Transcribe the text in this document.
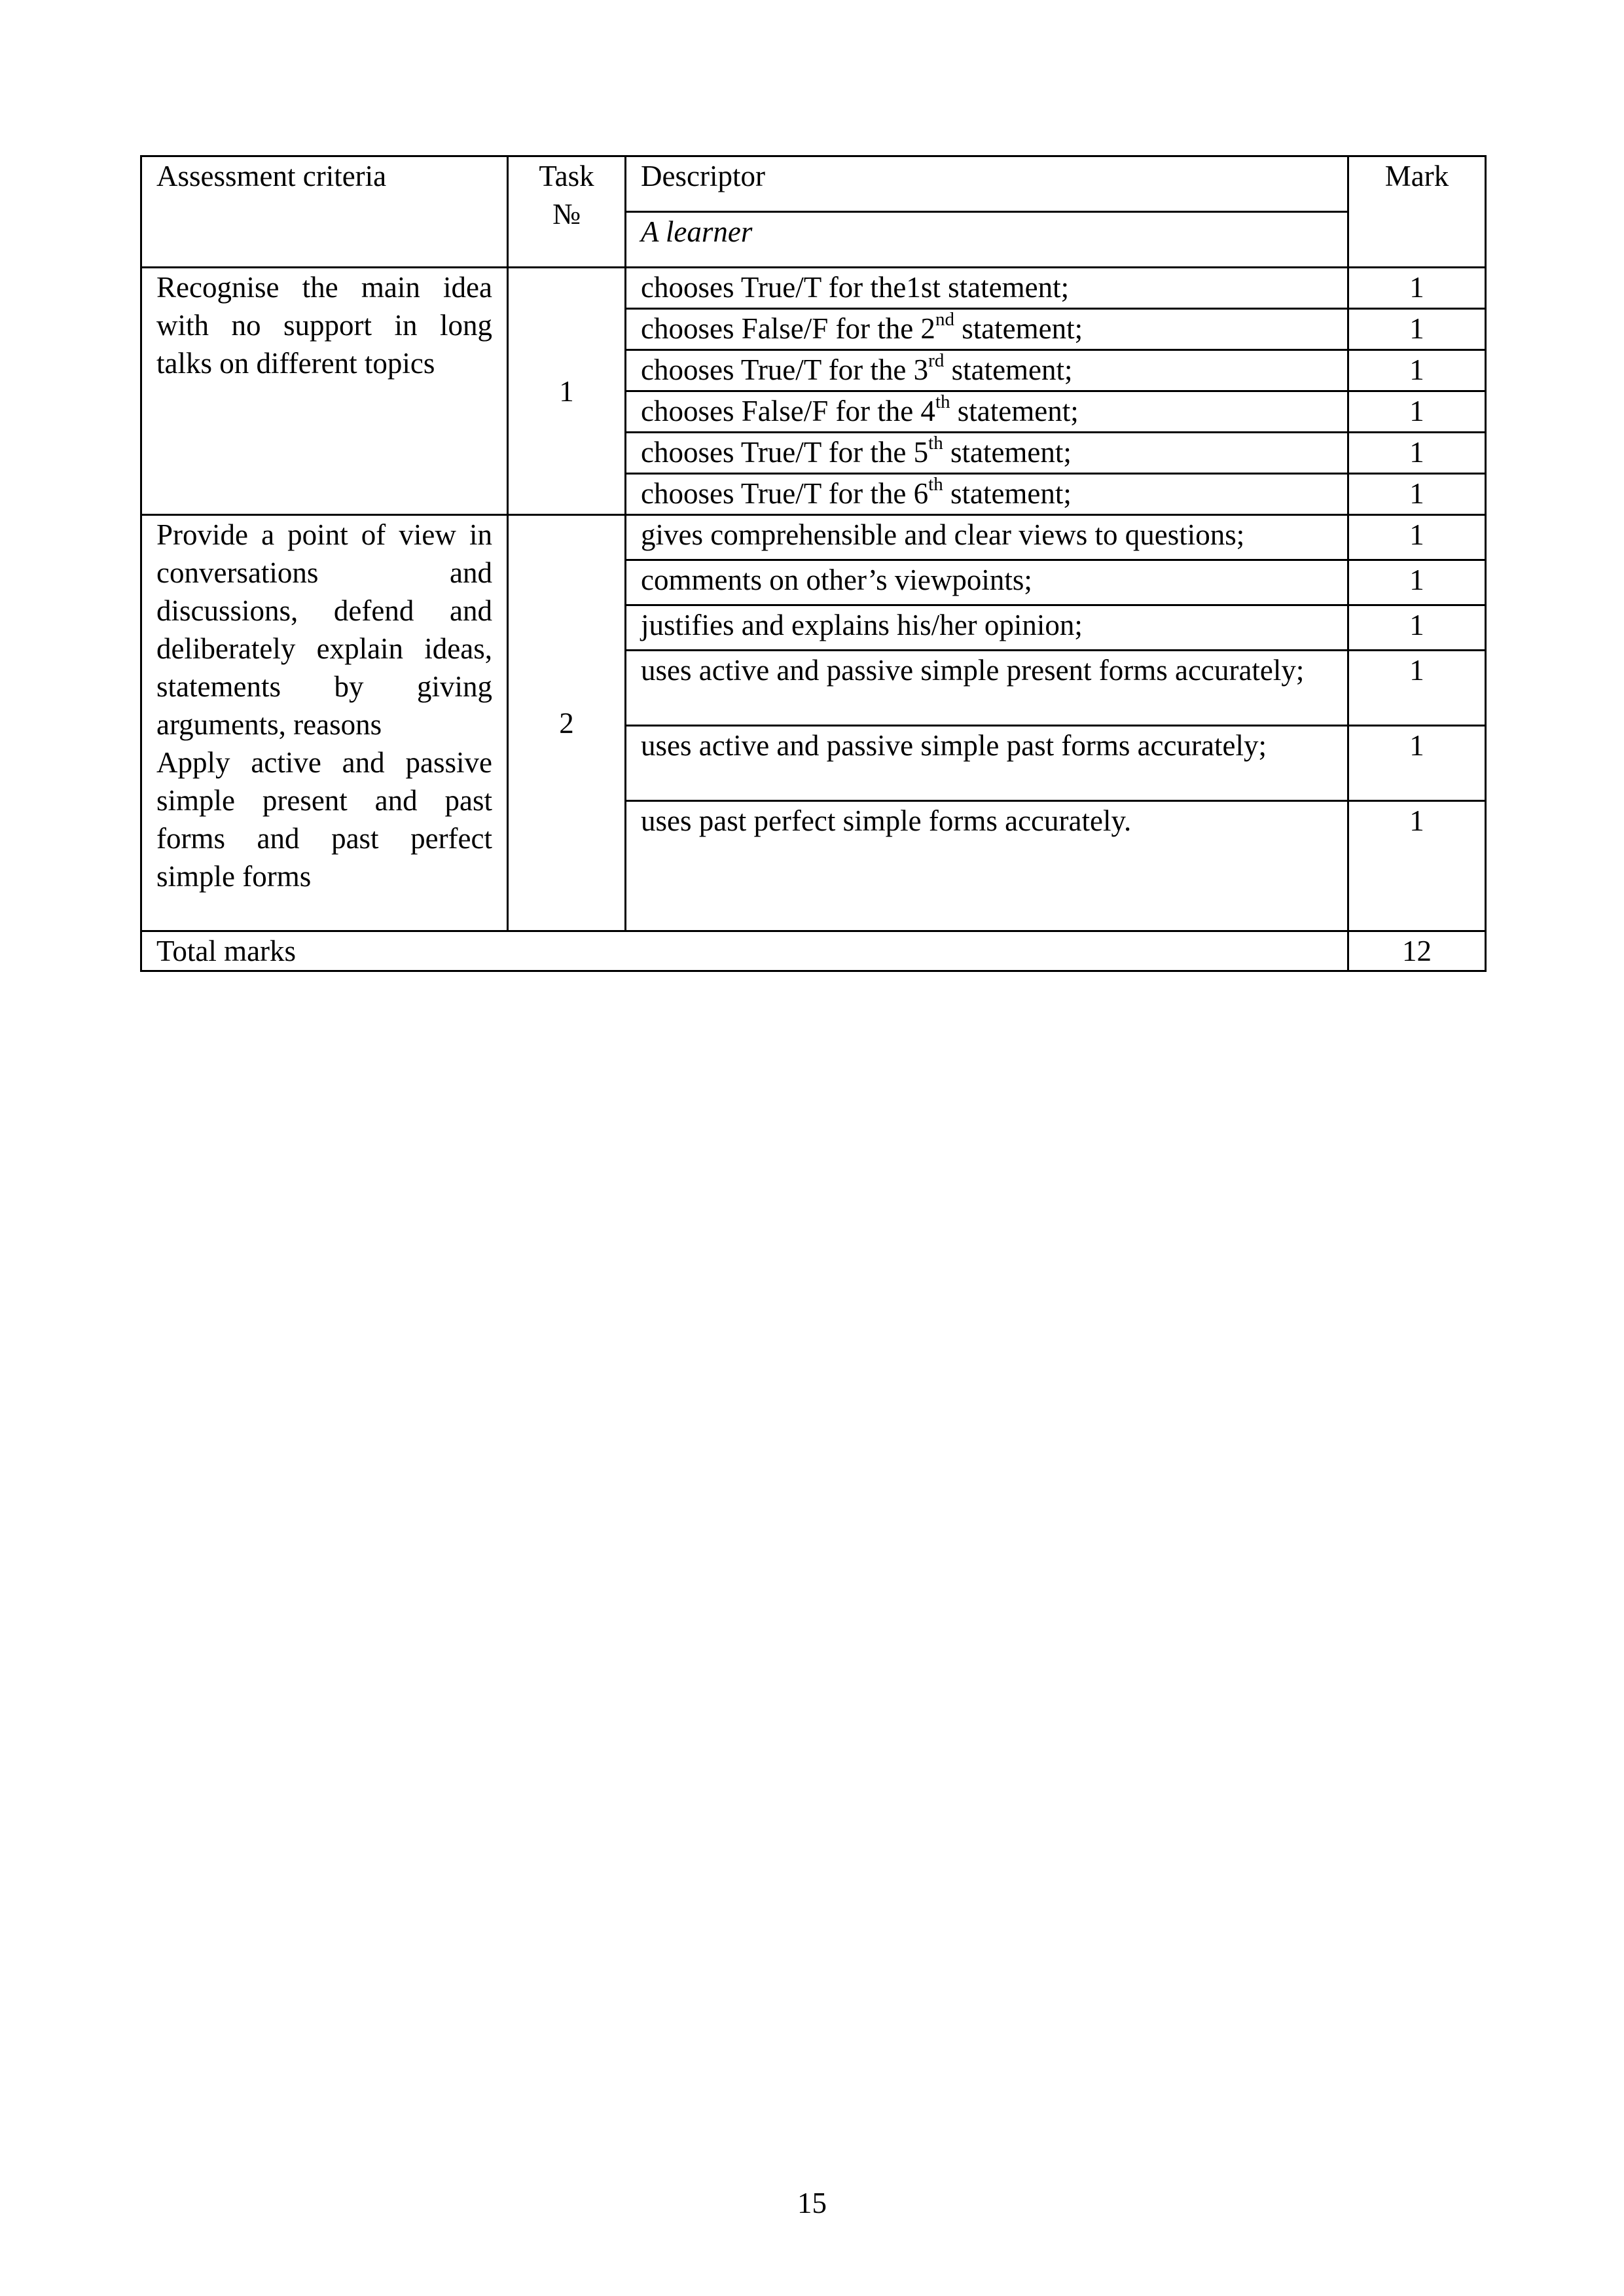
Assessment criteria	Task №	Descriptor	Mark
		A learner	
Recognise the main idea with no support in long talks on different topics	1	chooses True/T for the1st statement;	1
		chooses False/F for the 2nd statement;	1
		chooses True/T for the 3rd statement;	1
		chooses False/F for the 4th statement;	1
		chooses True/T for the 5th statement;	1
		chooses True/T for the 6th statement;	1

Provide a point of view in conversations and discussions, defend and deliberately explain ideas, statements by giving arguments, reasons
Apply active and passive simple present and past forms and past perfect simple forms	2	gives comprehensible and clear views to questions;	1
		comments on other’s viewpoints;	1
		justifies and explains his/her opinion;	1
		uses active and passive simple present forms accurately;	1
		uses active and passive simple past forms accurately;	1
		uses past perfect simple forms accurately.	1
Total marks			12
15
